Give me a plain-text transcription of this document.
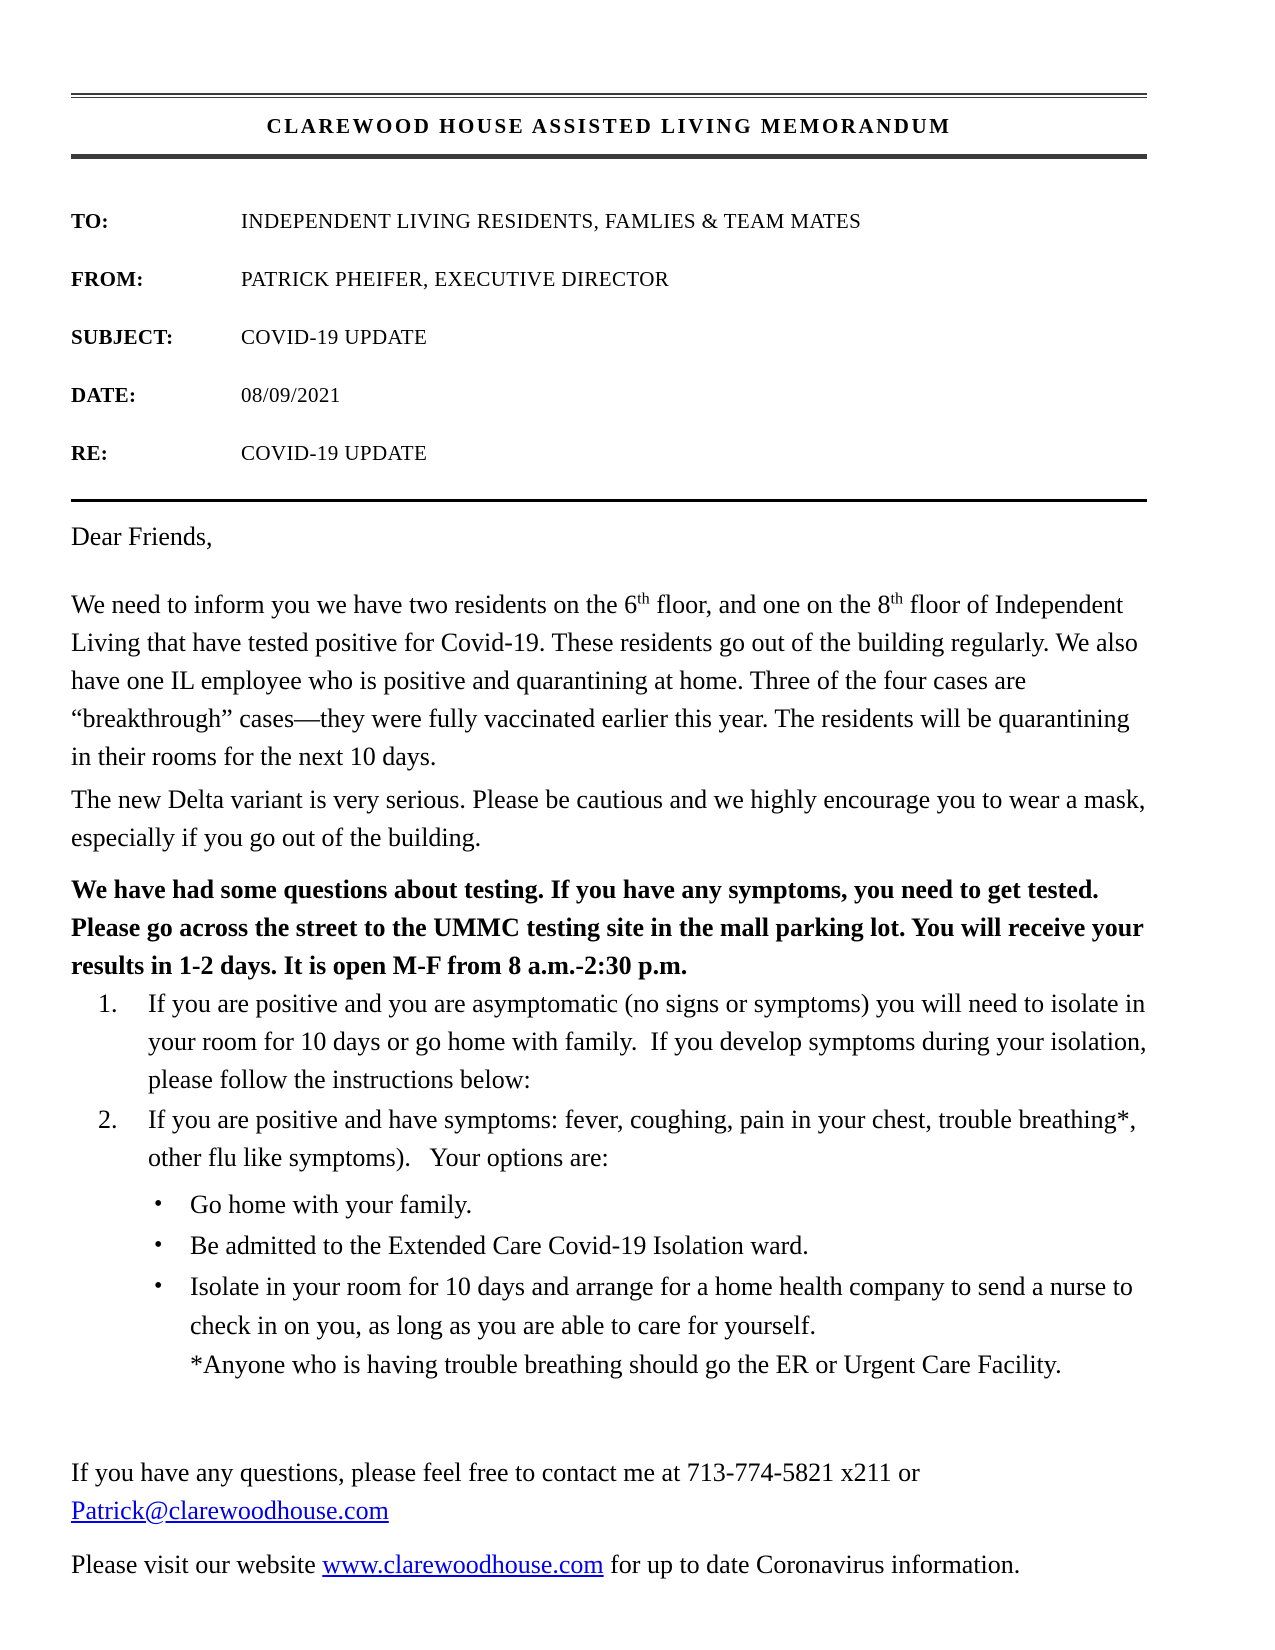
CLAREWOOD HOUSE ASSISTED LIVING MEMORANDUM
TO:	INDEPENDENT LIVING RESIDENTS, FAMLIES & TEAM MATES
FROM:	PATRICK PHEIFER, EXECUTIVE DIRECTOR
SUBJECT:	COVID-19 UPDATE
DATE:	08/09/2021
RE:	COVID-19 UPDATE

Dear Friends,

We need to inform you we have two residents on the 6th floor, and one on the 8th floor of Independent Living that have tested positive for Covid-19. These residents go out of the building regularly. We also have one IL employee who is positive and quarantining at home. Three of the four cases are “breakthrough” cases—they were fully vaccinated earlier this year. The residents will be quarantining in their rooms for the next 10 days.

The new Delta variant is very serious. Please be cautious and we highly encourage you to wear a mask, especially if you go out of the building.

We have had some questions about testing. If you have any symptoms, you need to get tested.  Please go across the street to the UMMC testing site in the mall parking lot. You will receive your results in 1-2 days. It is open M-F from 8 a.m.-2:30 p.m.

1. If you are positive and you are asymptomatic (no signs or symptoms) you will need to isolate in your room for 10 days or go home with family.  If you develop symptoms during your isolation, please follow the instructions below:
2. If you are positive and have symptoms: fever, coughing, pain in your chest, trouble breathing*, other flu like symptoms).   Your options are:
• Go home with your family.
• Be admitted to the Extended Care Covid-19 Isolation ward.
• Isolate in your room for 10 days and arrange for a home health company to send a nurse to check in on you, as long as you are able to care for yourself.
*Anyone who is having trouble breathing should go the ER or Urgent Care Facility.

If you have any questions, please feel free to contact me at 713-774-5821 x211 or Patrick@clarewoodhouse.com

Please visit our website www.clarewoodhouse.com for up to date Coronavirus information.
